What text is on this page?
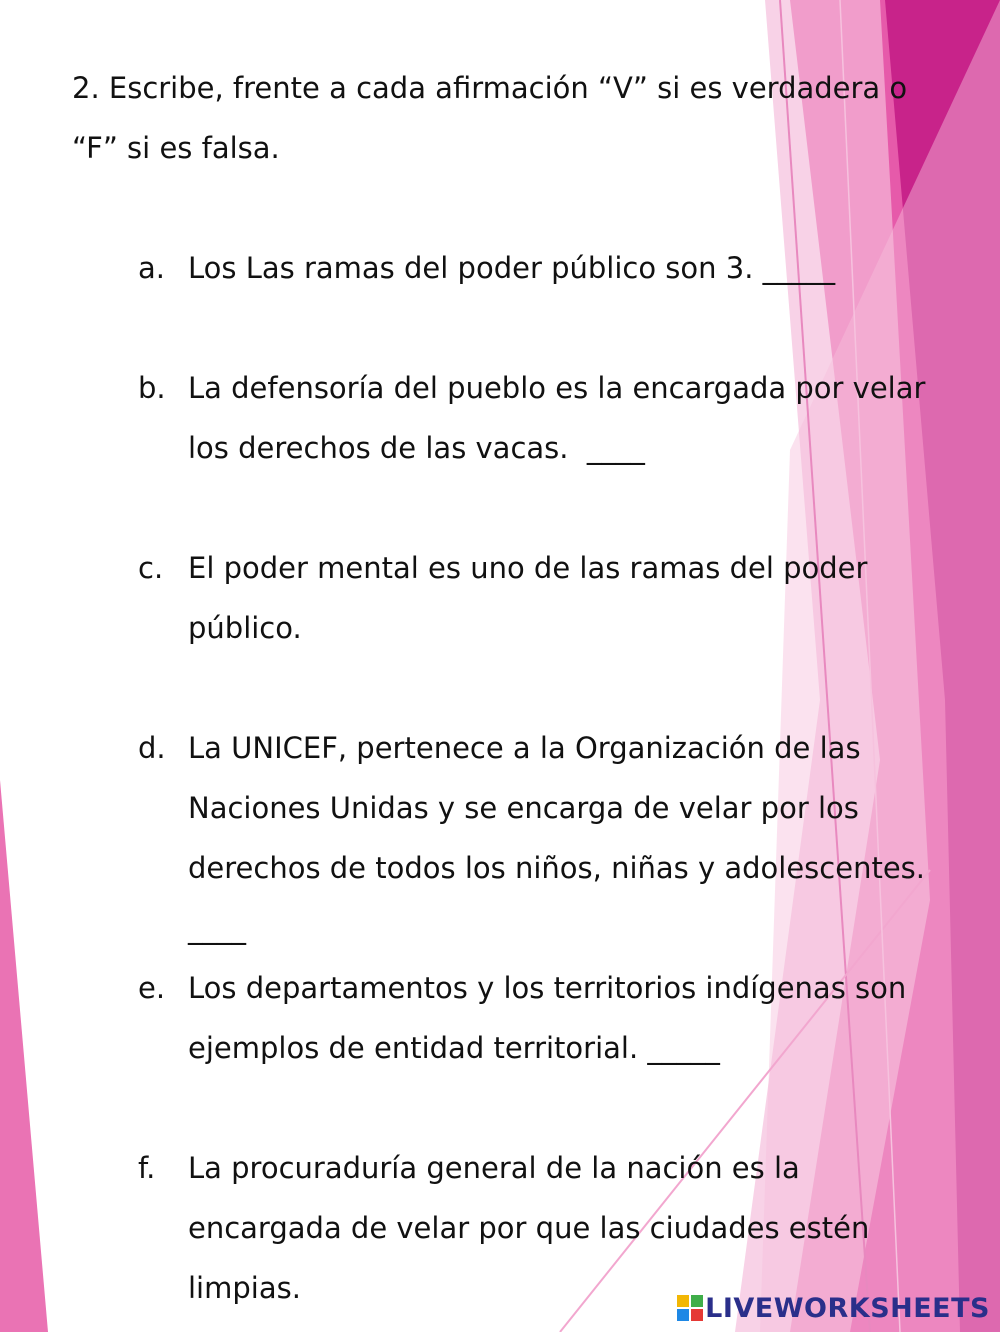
2. Escribe, frente a cada afirmación “V” si es verdadera o “F” si es falsa.

a. Los Las ramas del poder público son 3. _____
b. La defensoría del pueblo es la encargada por velar los derechos de las vacas.  ____
c. El poder mental es uno de las ramas del poder público.
d. La UNICEF, pertenece a la Organización de las Naciones Unidas y se encarga de velar por los derechos de todos los niños, niñas y adolescentes. ____
e. Los departamentos y los territorios indígenas son ejemplos de entidad territorial. _____
f. La procuraduría general de la nación es la encargada de velar por que las ciudades estén limpias.
LIVEWORKSHEETS
